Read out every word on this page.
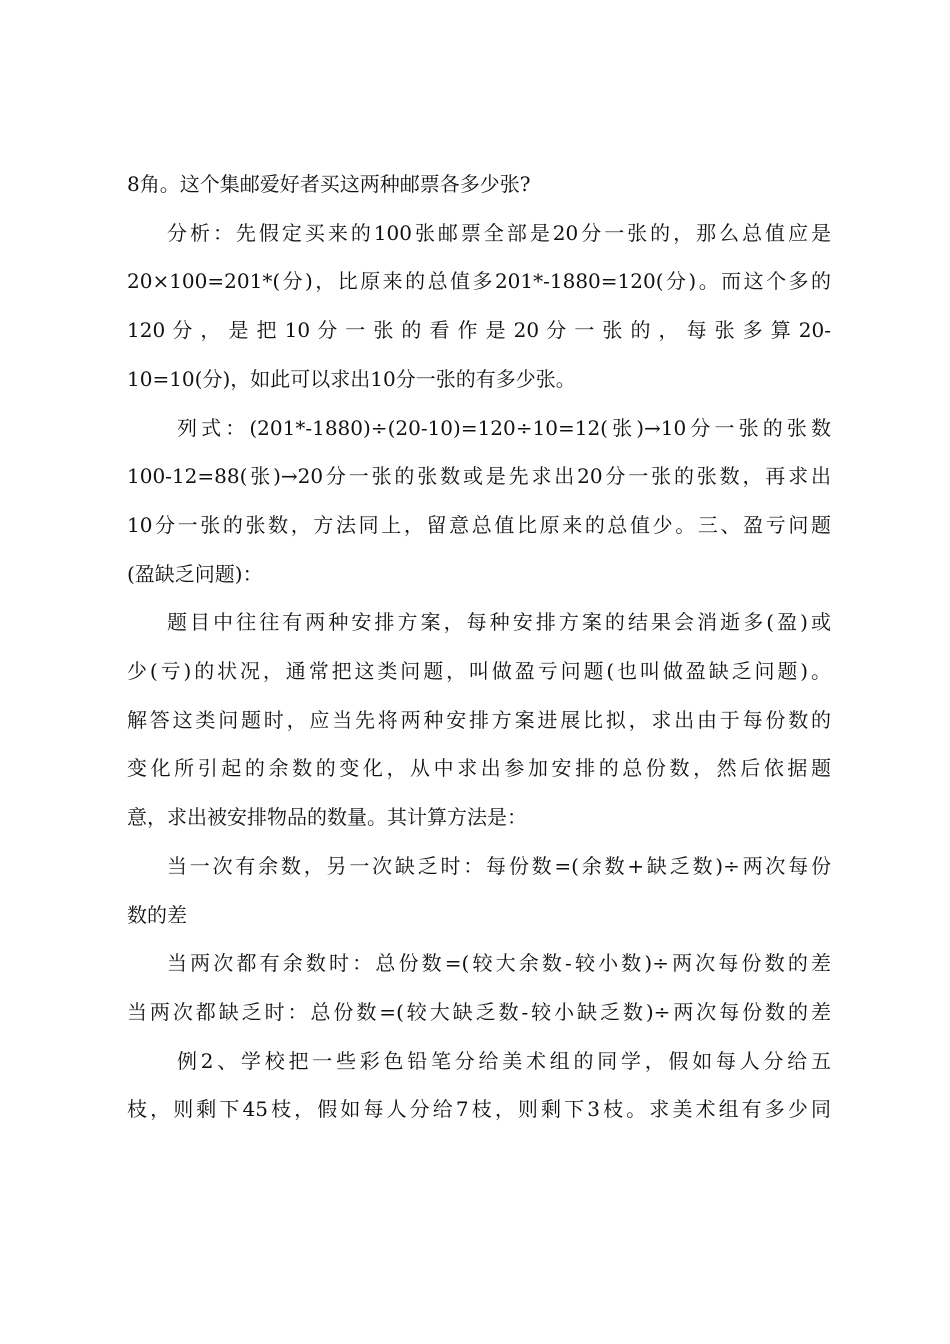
8角。这个集邮爱好者买这两种邮票各多少张?
分析：先假定买来的100张邮票全部是20分一张的，那么总值应是
20×100=201*(分)，比原来的总值多201*-1880=120(分)。而这个多的
120 分 ， 是 把 10 分 一 张 的 看 作 是 20 分 一 张 的 ， 每 张 多 算 20-
10=10(分)，如此可以求出10分一张的有多少张。
列式：(201*-1880)÷(20-10)=120÷10=12(张)→10分一张的张数
100-12=88(张)→20分一张的张数或是先求出20分一张的张数，再求出
10分一张的张数，方法同上，留意总值比原来的总值少。三、盈亏问题
(盈缺乏问题)：
题目中往往有两种安排方案，每种安排方案的结果会消逝多(盈)或
少(亏)的状况，通常把这类问题，叫做盈亏问题(也叫做盈缺乏问题)。
解答这类问题时，应当先将两种安排方案进展比拟，求出由于每份数的
变化所引起的余数的变化，从中求出参加安排的总份数，然后依据题
意，求出被安排物品的数量。其计算方法是：
当一次有余数，另一次缺乏时：每份数=(余数+缺乏数)÷两次每份
数的差
当两次都有余数时：总份数=(较大余数-较小数)÷两次每份数的差
当两次都缺乏时：总份数=(较大缺乏数-较小缺乏数)÷两次每份数的差
例2、学校把一些彩色铅笔分给美术组的同学，假如每人分给五
枝，则剩下45枝，假如每人分给7枝，则剩下3枝。求美术组有多少同
